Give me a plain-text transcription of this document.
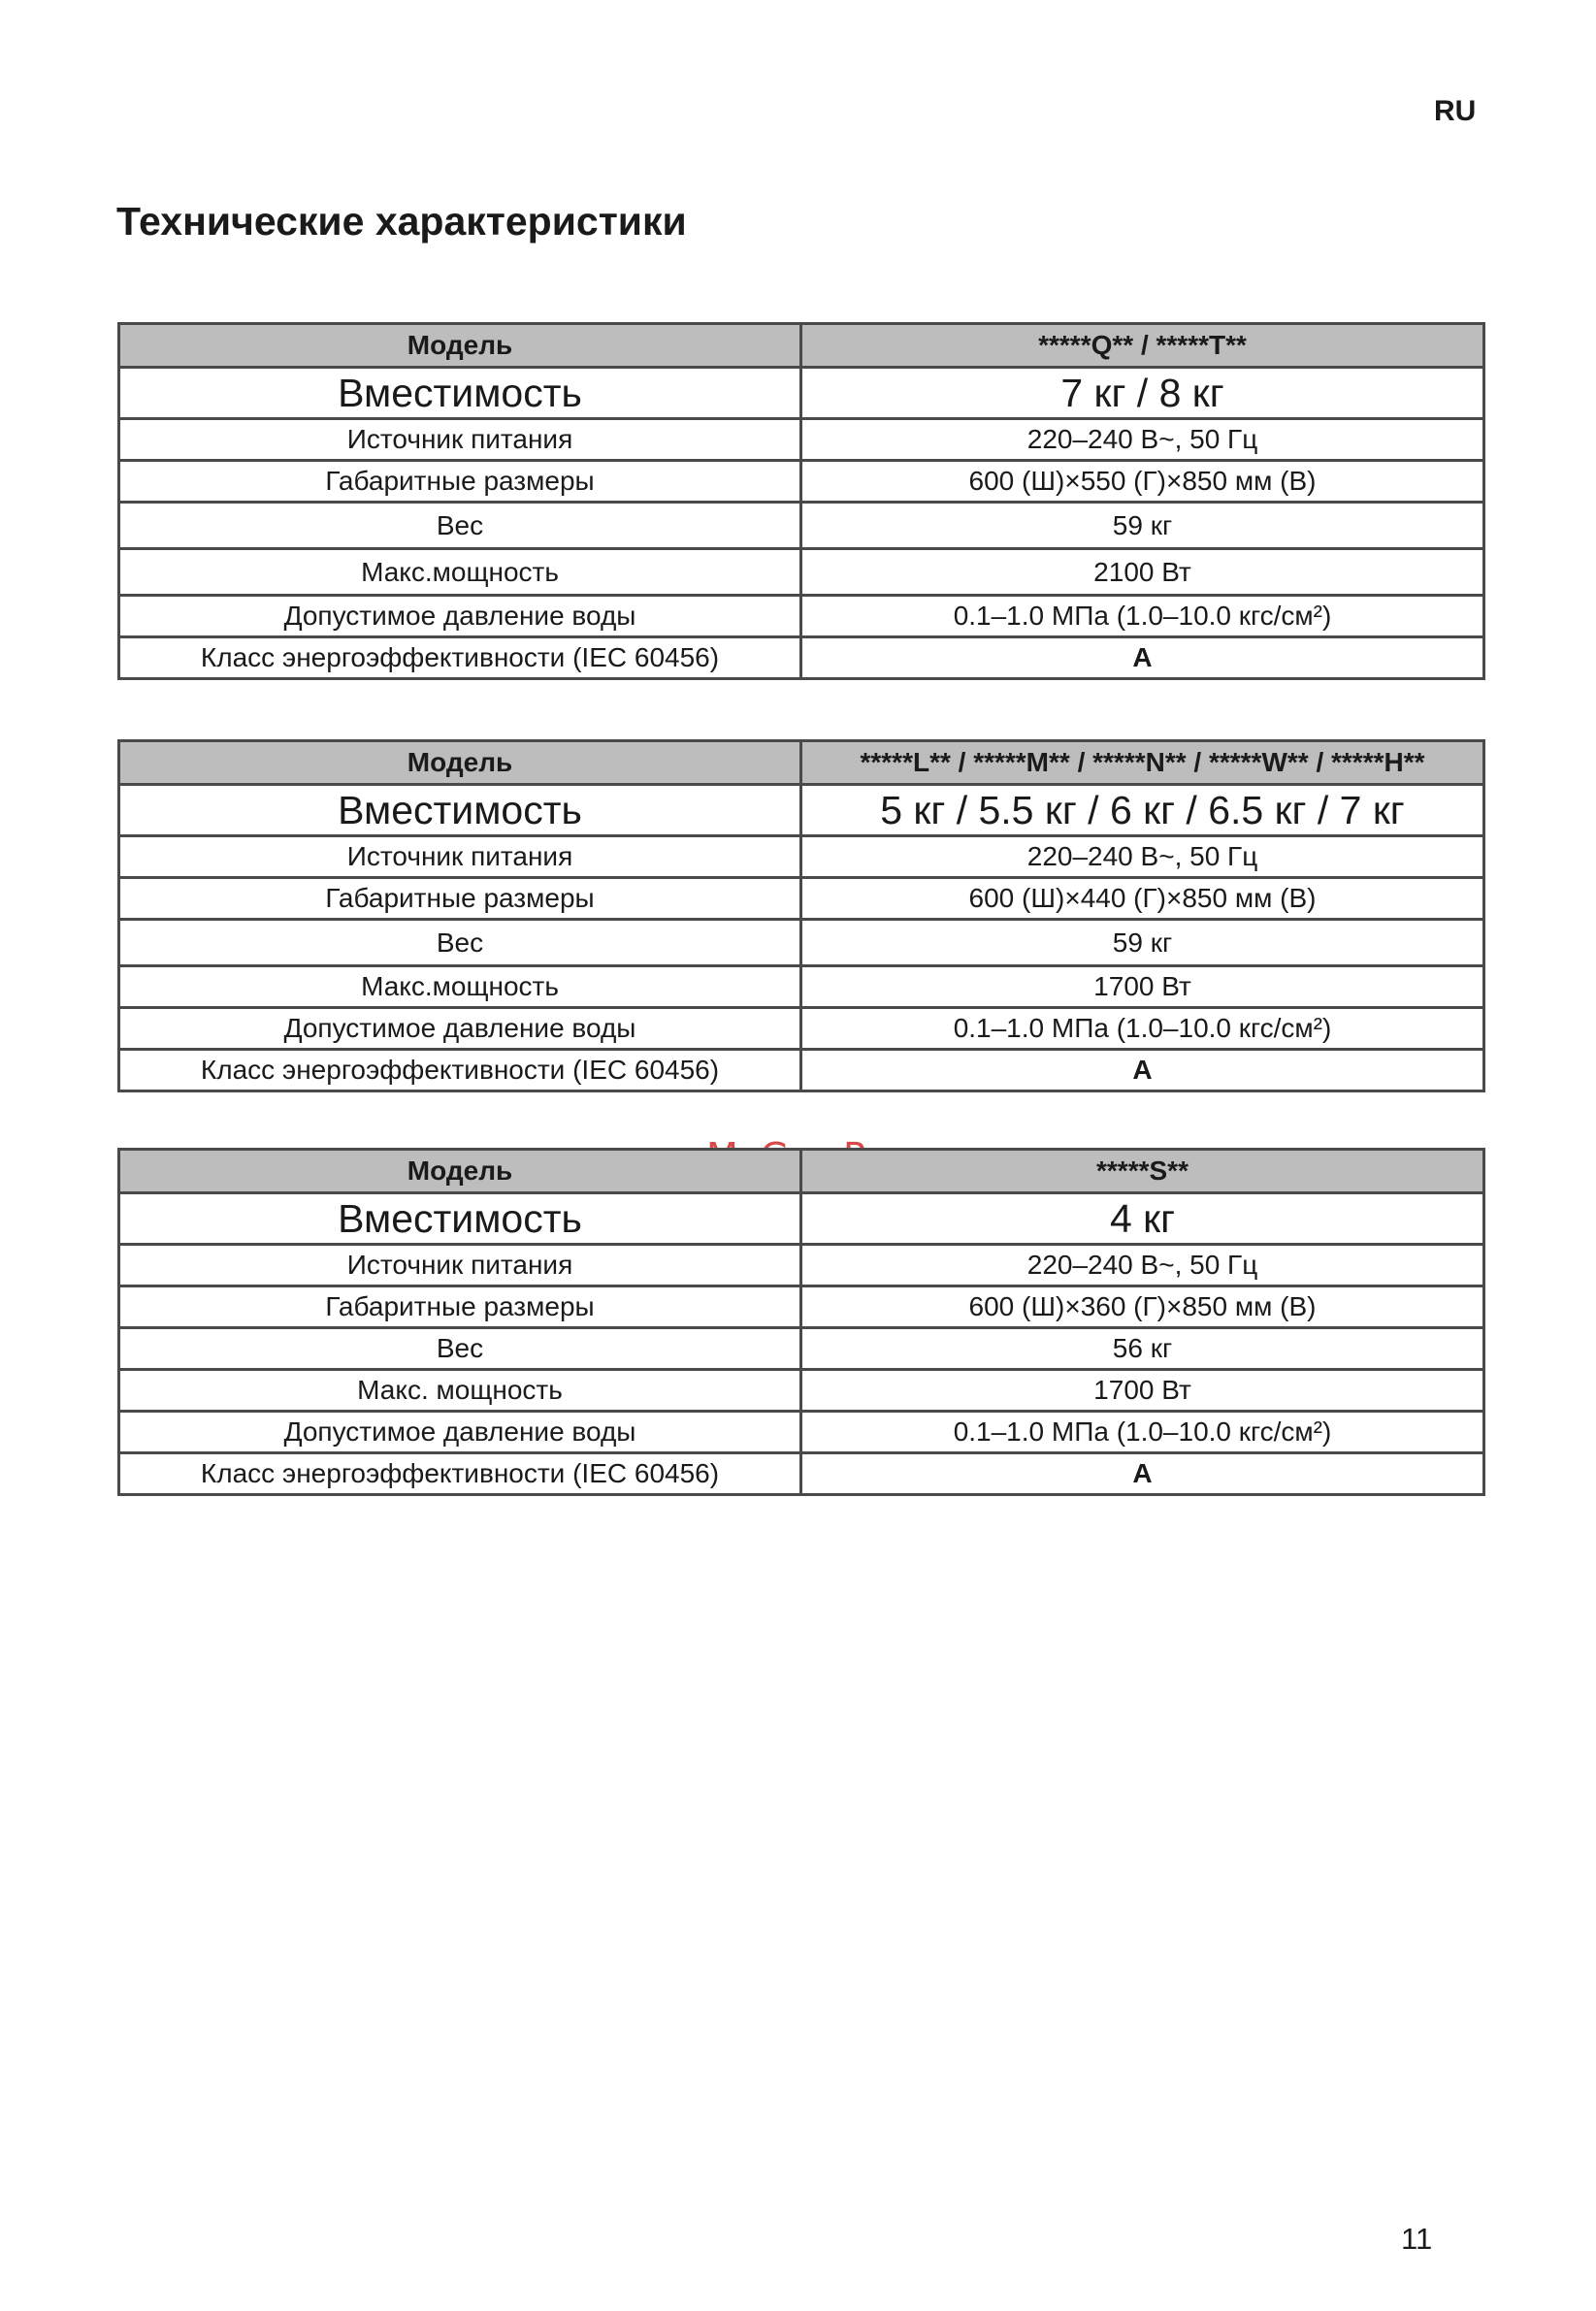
RU
Технические характеристики
Модель	*****Q** / *****T**
Вместимость	7 кг / 8 кг
Источник питания	220–240 В~, 50 Гц
Габаритные размеры	600 (Ш)×550 (Г)×850 мм (В)
Вес	59 кг
Макс.мощность	2100 Вт
Допустимое давление воды	0.1–1.0 МПа (1.0–10.0 кгс/см²)
Класс энергоэффективности (IEC 60456)	A
Модель	*****L** / *****M** / *****N** / *****W** / *****H**
Вместимость	5 кг / 5.5 кг / 6 кг / 6.5 кг / 7 кг
Источник питания	220–240 В~, 50 Гц
Габаритные размеры	600 (Ш)×440 (Г)×850 мм (В)
Вес	59 кг
Макс.мощность	1700 Вт
Допустимое давление воды	0.1–1.0 МПа (1.0–10.0 кгс/см²)
Класс энергоэффективности (IEC 60456)	A
Модель	*****S**
Вместимость	4 кг
Источник питания	220–240 В~, 50 Гц
Габаритные размеры	600 (Ш)×360 (Г)×850 мм (В)
Вес	56 кг
Макс. мощность	1700 Вт
Допустимое давление воды	0.1–1.0 МПа (1.0–10.0 кгс/см²)
Класс энергоэффективности (IEC 60456)	A
11
